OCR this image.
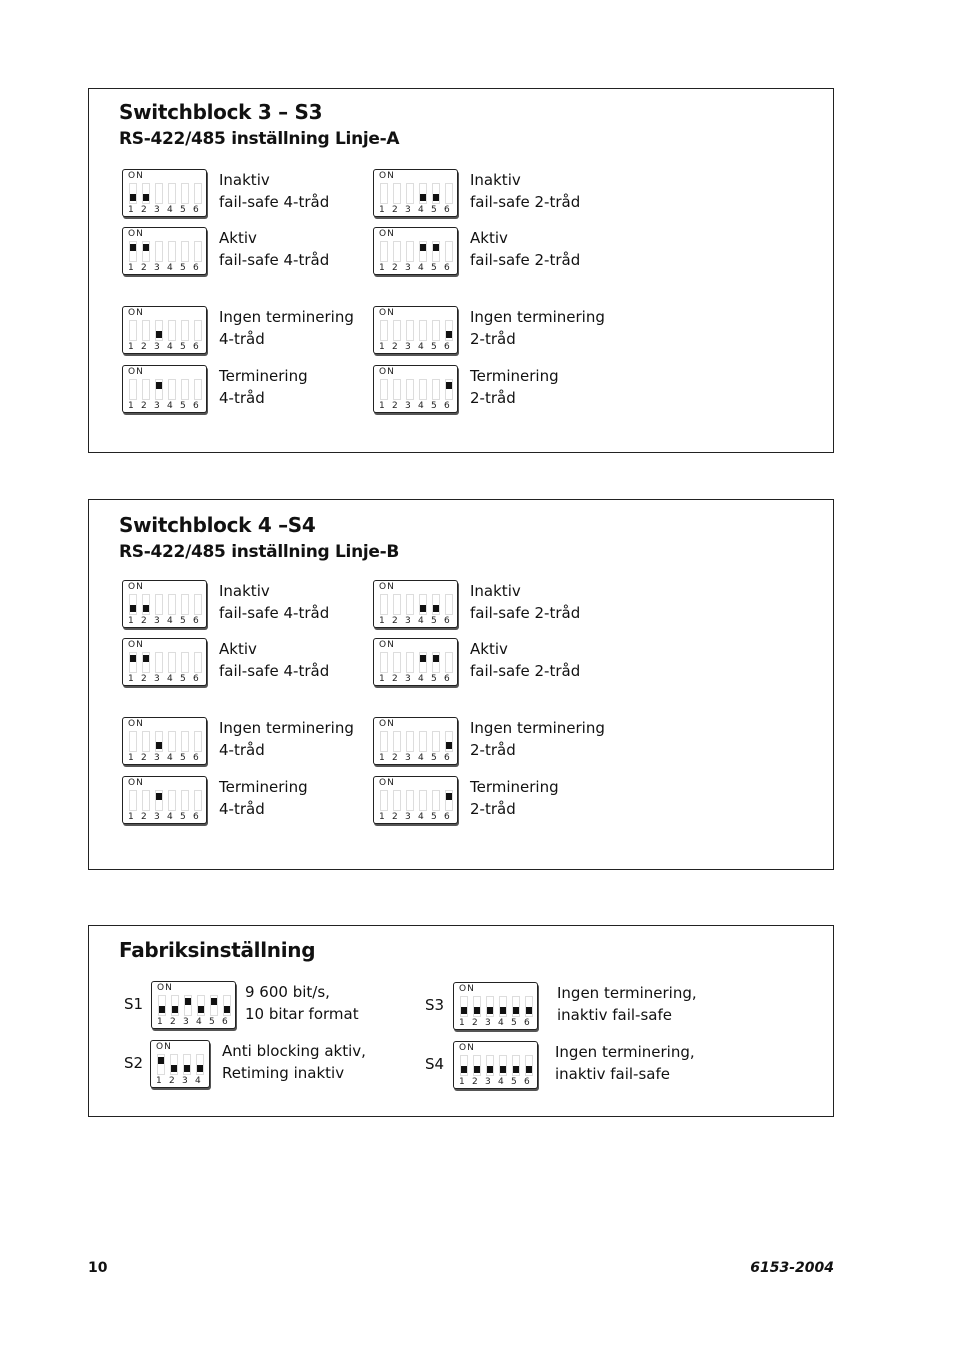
Switchblock 3 – S3
RS-422/485 inställning Linje-A
ON
1 2 3 4 5 6
Inaktiv
fail-safe 4-tråd
ON
1 2 3 4 5 6
Inaktiv
fail-safe 2-tråd
ON
1 2 3 4 5 6
Aktiv
fail-safe 4-tråd
ON
1 2 3 4 5 6
Aktiv
fail-safe 2-tråd
ON
1 2 3 4 5 6
Ingen terminering
4-tråd
ON
1 2 3 4 5 6
Ingen terminering
2-tråd
ON
1 2 3 4 5 6
Terminering
4-tråd
ON
1 2 3 4 5 6
Terminering
2-tråd
Switchblock 4 –S4
RS-422/485 inställning Linje-B
ON
1 2 3 4 5 6
Inaktiv
fail-safe 4-tråd
ON
1 2 3 4 5 6
Inaktiv
fail-safe 2-tråd
ON
1 2 3 4 5 6
Aktiv
fail-safe 4-tråd
ON
1 2 3 4 5 6
Aktiv
fail-safe 2-tråd
ON
1 2 3 4 5 6
Ingen terminering
4-tråd
ON
1 2 3 4 5 6
Ingen terminering
2-tråd
ON
1 2 3 4 5 6
Terminering
4-tråd
ON
1 2 3 4 5 6
Terminering
2-tråd
Fabriksinställning
S1
ON
1 2 3 4 5 6
9 600 bit/s,
10 bitar format	S3
ON
1 2 3 4 5 6
Ingen terminering,
inaktiv fail-safe
S2
ON
1 2 3 4
Anti blocking aktiv,
Retiming inaktiv	S4
ON
1 2 3 4 5 6
Ingen terminering,
inaktiv fail-safe
10	6153-2004
